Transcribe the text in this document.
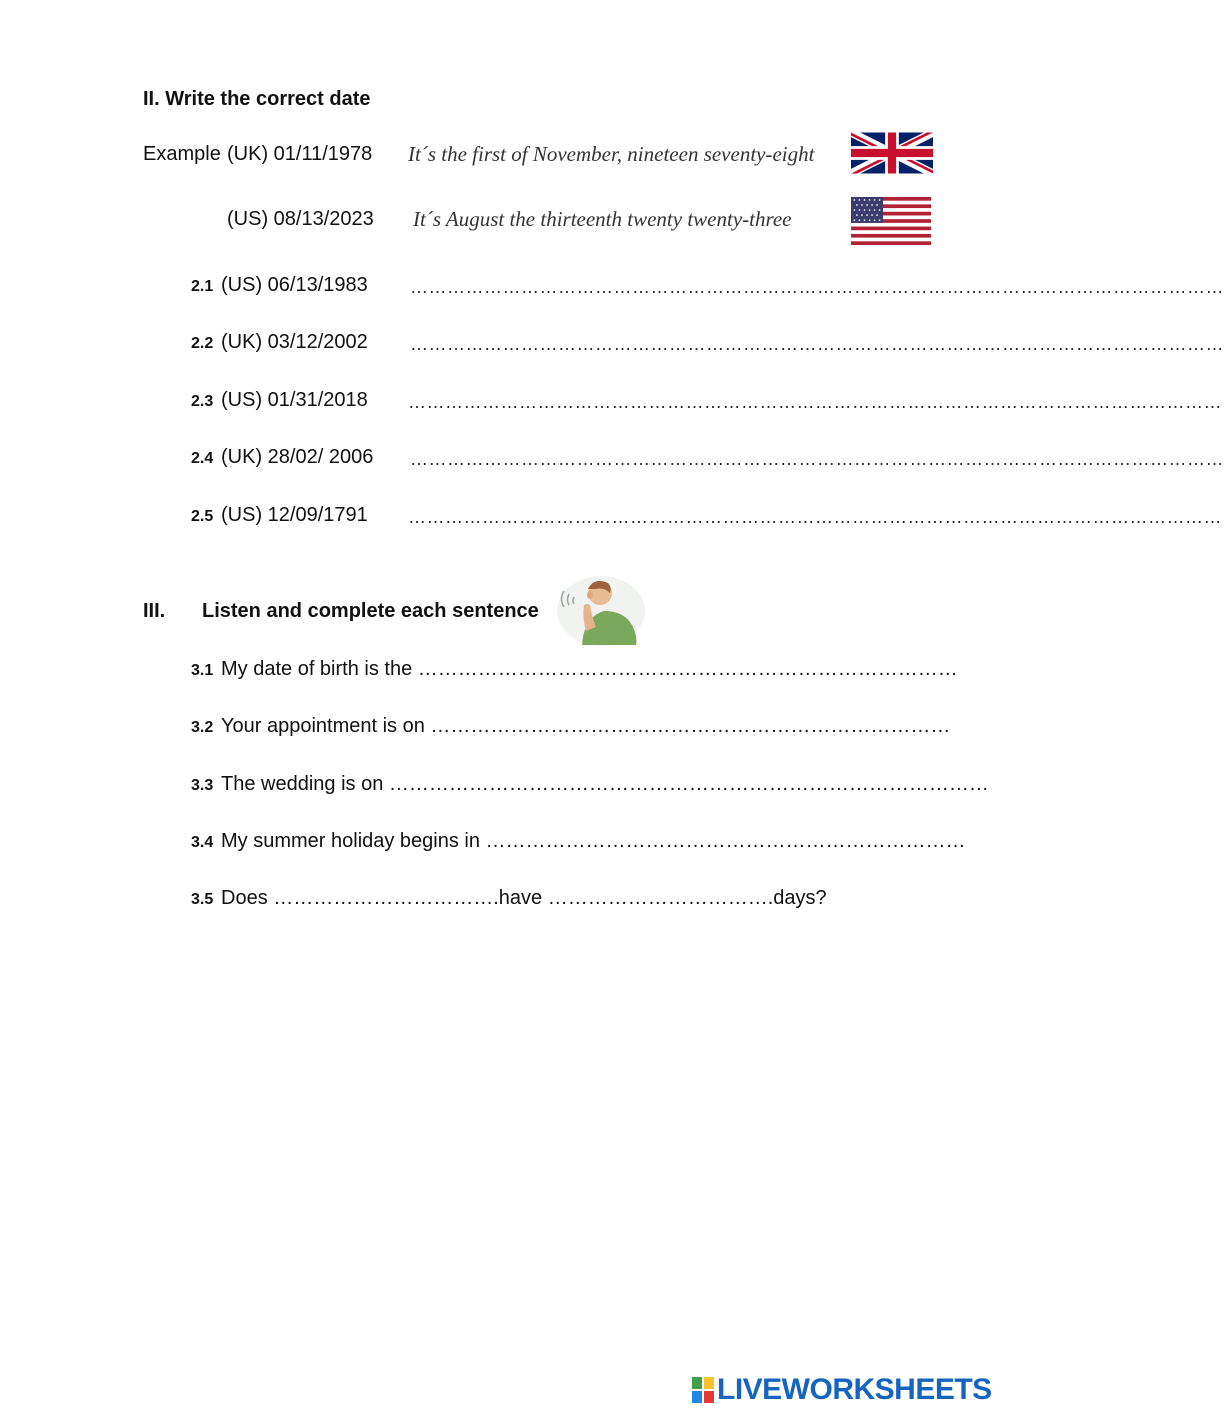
II. Write the correct date
Example (UK) 01/11/1978 It´s the first of November, nineteen seventy-eight
(US) 08/13/2023 It´s August the thirteenth twenty twenty-three
2.1 (US) 06/13/1983 ……………………………………………………………………………………………………………………
2.2 (UK) 03/12/2002 ……………………………………………………………………………………………………………………
2.3 (US) 01/31/2018 ……………………………………………………………………………………………………………………
2.4 (UK) 28/02/ 2006 ……………………………………………………………………………………………………………………
2.5 (US) 12/09/1791 ……………………………………………………………………………………………………………………
III. Listen and complete each sentence
3.1 My date of birth is the ………………………………………………………………………
3.2 Your appointment is on ……………………………………………………………………
3.3 The wedding is on ………………………………………………………………………………
3.4 My summer holiday begins in ………………………………………………………………
3.5 Does …………………………….have …………………………….days?
LIVEWORKSHEETS
